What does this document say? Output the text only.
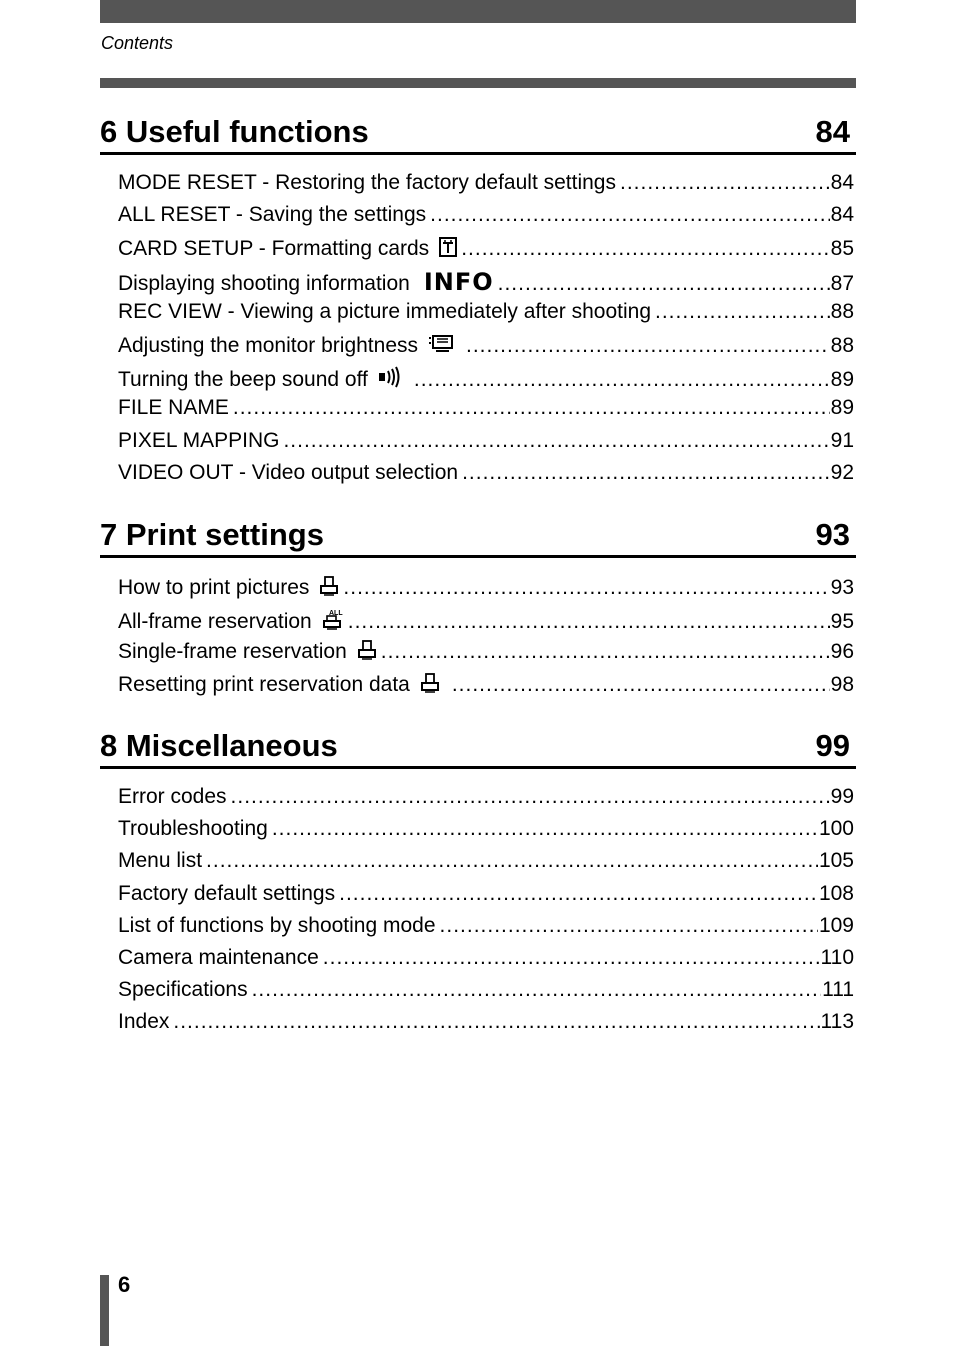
Contents
6 Useful functions	84
MODE RESET - Restoring the factory default settings .....	84
ALL RESET - Saving the settings .....	84
CARD SETUP - Formatting cards .....	85
Displaying shooting information INFO .....	87
REC VIEW - Viewing a picture immediately after shooting .....	88
Adjusting the monitor brightness .....	88
Turning the beep sound off .....	89
FILE NAME .....	89
PIXEL MAPPING .....	91
VIDEO OUT - Video output selection .....	92
7 Print settings	93
How to print pictures .....	93
All-frame reservation ALL .....	95
Single-frame reservation .....	96
Resetting print reservation data .....	98
8 Miscellaneous	99
Error codes .....	99
Troubleshooting .....	100
Menu list .....	105
Factory default settings .....	108
List of functions by shooting mode .....	109
Camera maintenance .....	110
Specifications .....	111
Index .....	113
6
